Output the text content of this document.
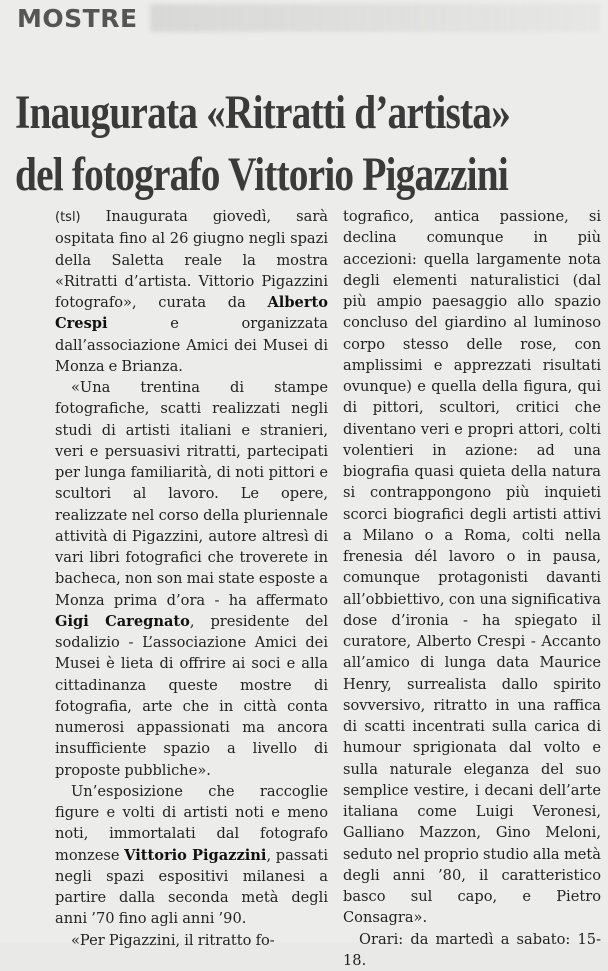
MOSTRE
Inaugurata «Ritratti d’artista»
del fotografo Vittorio Pigazzini

(tsl) Inaugurata giovedì, sarà ospitata fino al 26 giugno negli spazi della Saletta reale la mostra «Ritratti d’artista. Vittorio Pigazzini fotografo», curata da Alberto Crespi e organizzata dall’associazione Amici dei Musei di Monza e Brianza.

«Una trentina di stampe fotografiche, scatti realizzati negli studi di artisti italiani e stranieri, veri e persuasivi ritratti, partecipati per lunga familiarità, di noti pittori e scultori al lavoro. Le opere, realizzate nel corso della pluriennale attività di Pigazzini, autore altresì di vari libri fotografici che troverete in bacheca, non son mai state esposte a Monza prima d’ora - ha affermato Gigi Caregnato, presidente del sodalizio - L’associazione Amici dei Musei è lieta di offrire ai soci e alla cittadinanza queste mostre di fotografia, arte che in città conta numerosi appassionati ma ancora insufficiente spazio a livello di proposte pubbliche».

Un’esposizione che raccoglie figure e volti di artisti noti e meno noti, immortalati dal fotografo monzese Vittorio Pigazzini, passati negli spazi espositivi milanesi a partire dalla seconda metà degli anni ’70 fino agli anni ’90.

«Per Pigazzini, il ritratto fo-

tografico, antica passione, si declina comunque in più accezioni: quella largamente nota degli elementi naturalistici (dal più ampio paesaggio allo spazio concluso del giardino al luminoso corpo stesso delle rose, con amplissimi e apprezzati risultati ovunque) e quella della figura, qui di pittori, scultori, critici che diventano veri e propri attori, colti volentieri in azione: ad una biografia quasi quieta della natura si contrappongono più inquieti scorci biografici degli artisti attivi a Milano o a Roma, colti nella frenesia dél lavoro o in pausa, comunque protagonisti davanti all’obbiettivo, con una significativa dose d’ironia - ha spiegato il curatore, Alberto Crespi - Accanto all’amico di lunga data Maurice Henry, surrealista dallo spirito sovversivo, ritratto in una raffica di scatti incentrati sulla carica di humour sprigionata dal volto e sulla naturale eleganza del suo semplice vestire, i decani dell’arte italiana come Luigi Veronesi, Galliano Mazzon, Gino Meloni, seduto nel proprio studio alla metà degli anni ’80, il caratteristico basco sul capo, e Pietro Consagra».

Orari: da martedì a sabato: 15-18.
